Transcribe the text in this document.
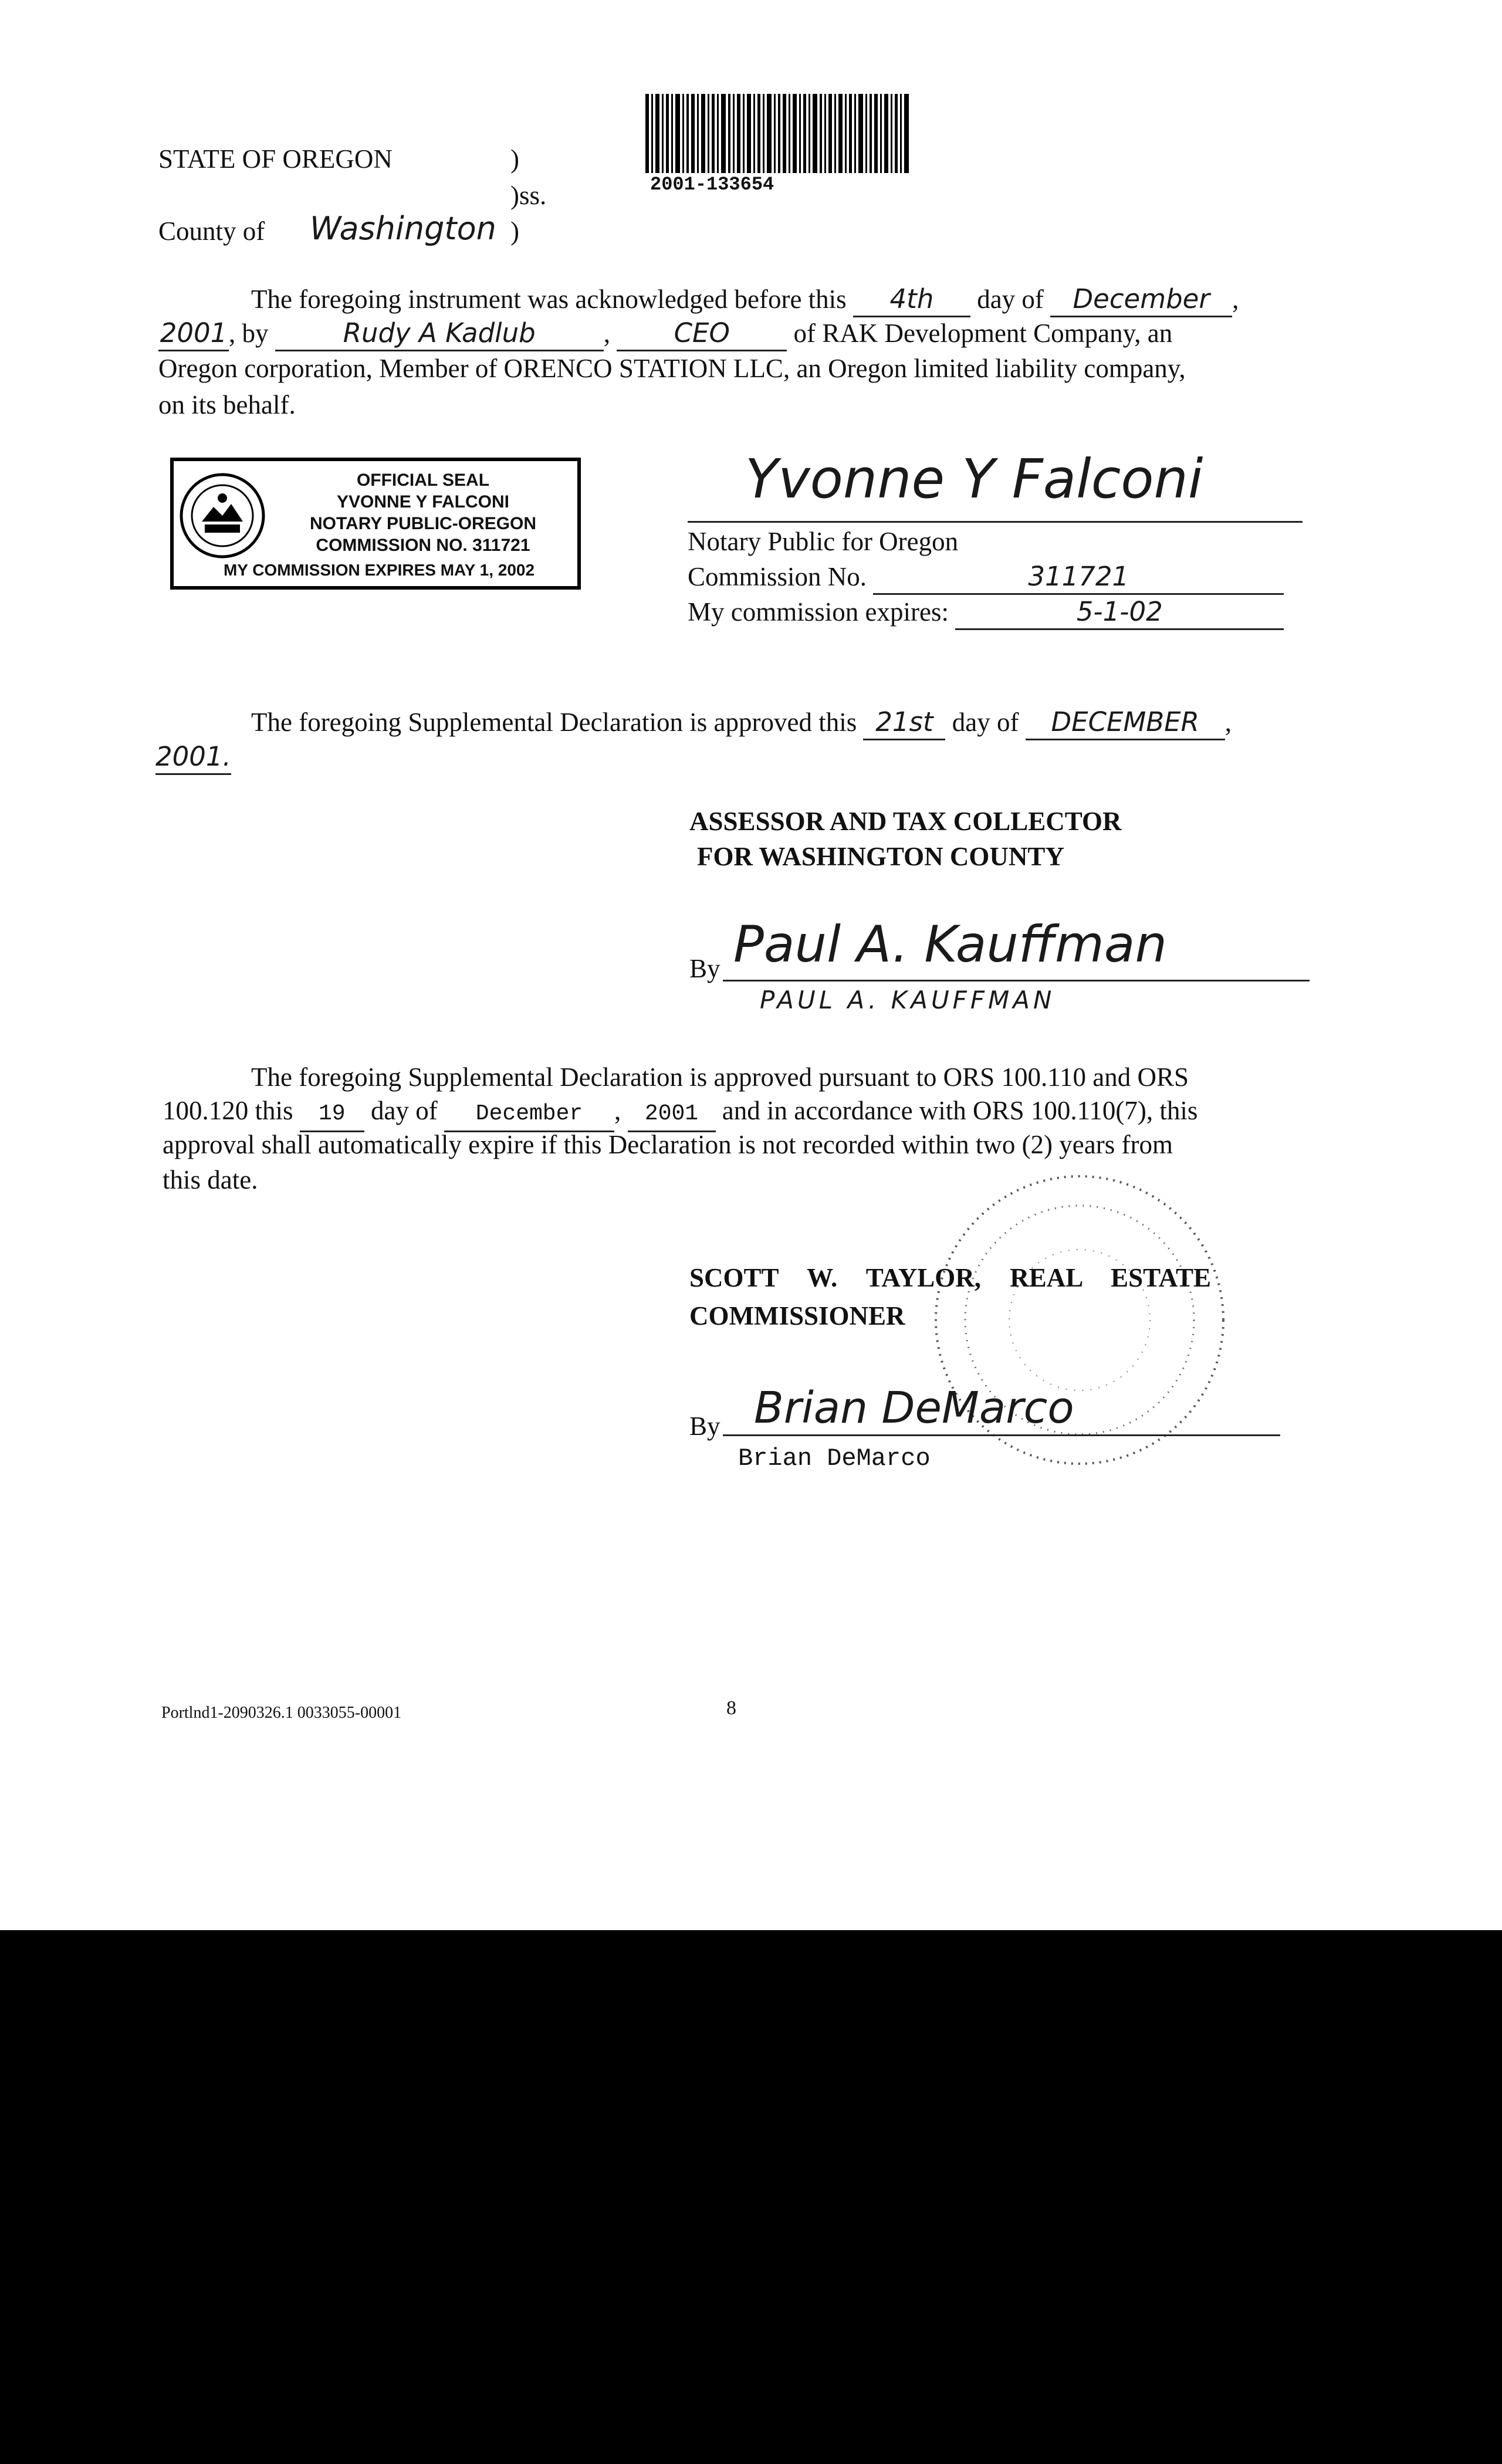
STATE OF OREGON	)
)ss.
County of Washington )
2001-133654
The foregoing instrument was acknowledged before this 4th day of December ,
2001, by	Rudy A Kadlub	, CEO of RAK Development Company, an
Oregon corporation, Member of ORENCO STATION LLC, an Oregon limited liability company,
on its behalf.
OFFICIAL SEAL
YVONNE Y FALCONI
NOTARY PUBLIC-OREGON
COMMISSION NO. 311721
MY COMMISSION EXPIRES MAY 1, 2002
Yvonne Y Falconi
Notary Public for Oregon
Commission No.	311721
My commission expires:	5-1-02
The foregoing Supplemental Declaration is approved this 21st day of DECEMBER ,
2001.
ASSESSOR AND TAX COLLECTOR
FOR WASHINGTON COUNTY
By Paul A. Kauffman
PAUL A. KAUFFMAN
The foregoing Supplemental Declaration is approved pursuant to ORS 100.110 and ORS
100.120 this 19 day of December , 2001 and in accordance with ORS 100.110(7), this
approval shall automatically expire if this Declaration is not recorded within two (2) years from
this date.
SCOTT W. TAYLOR, REAL ESTATE
COMMISSIONER
By Brian DeMarco
Brian DeMarco
Portlnd1-2090326.1 0033055-00001	8
